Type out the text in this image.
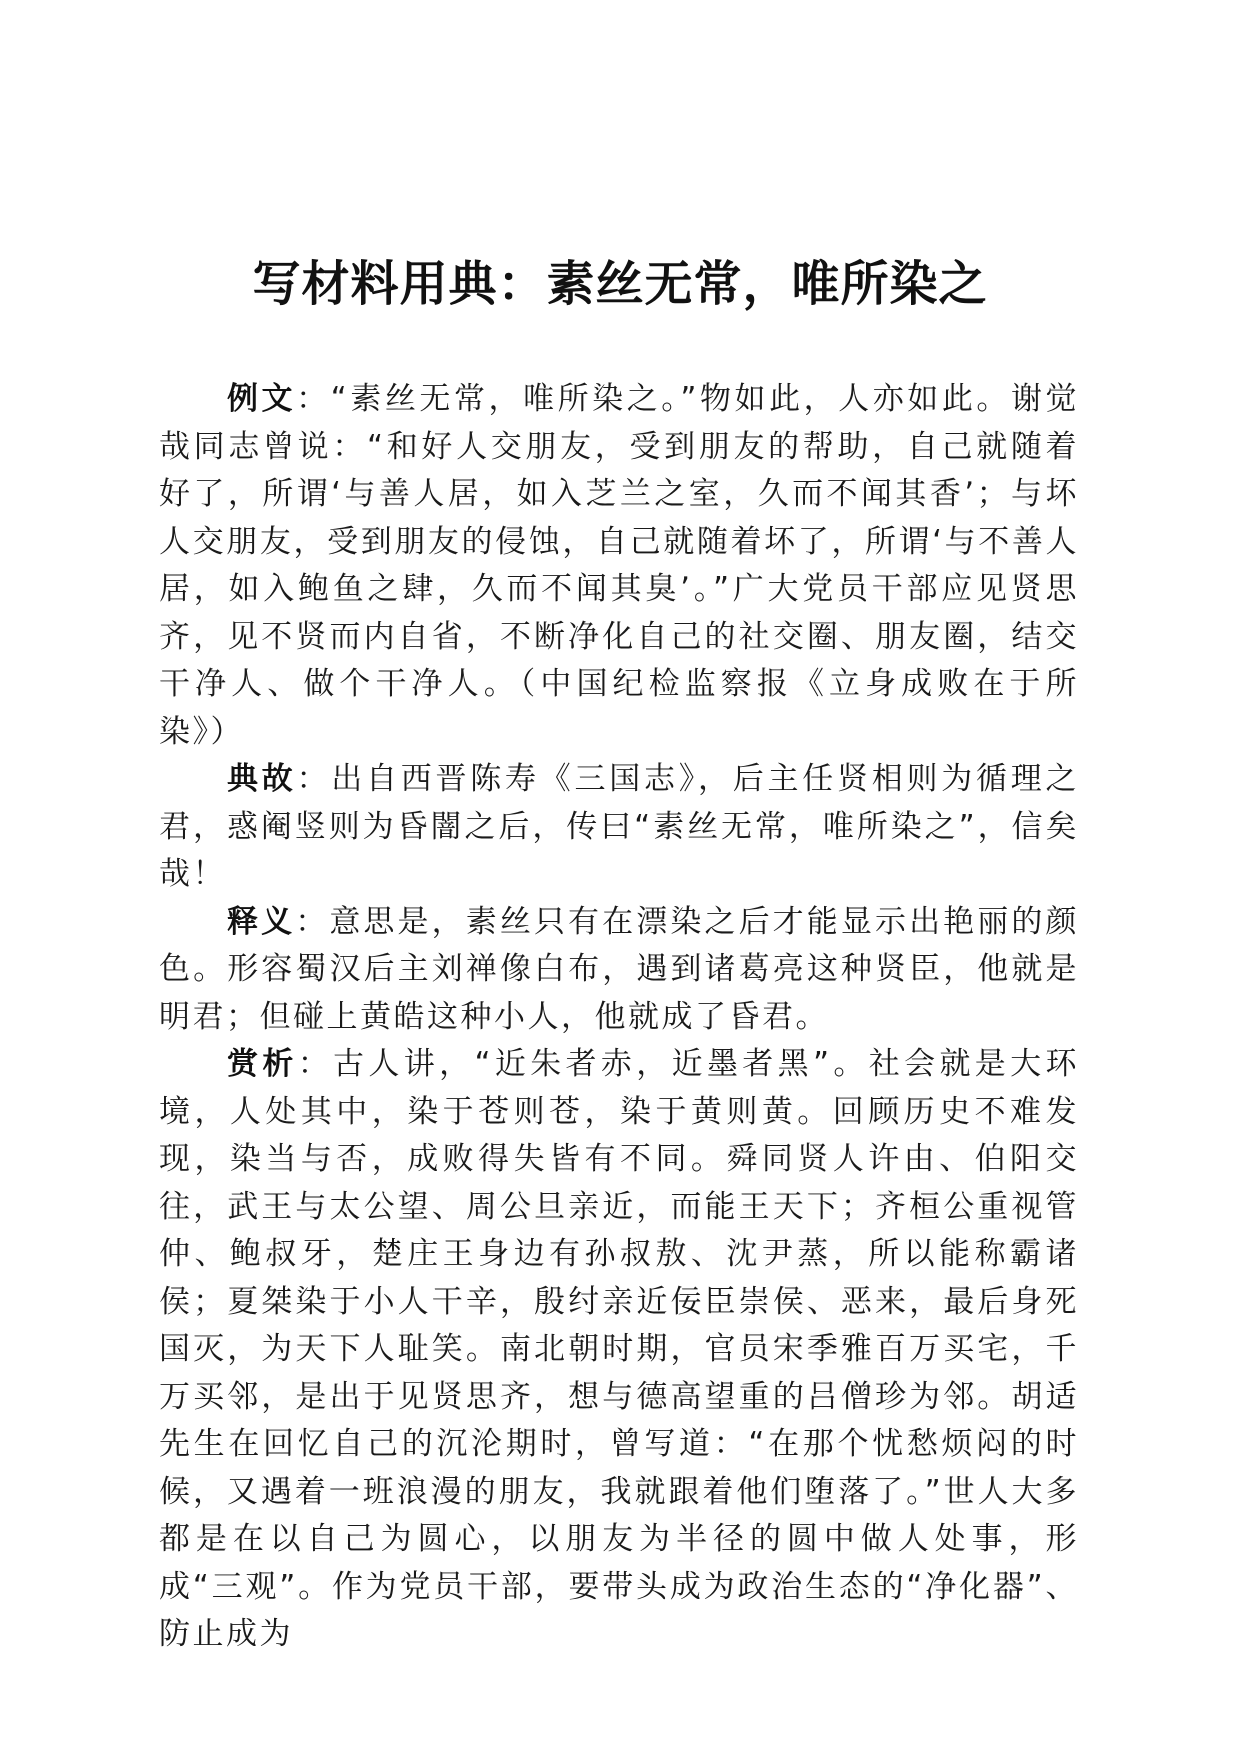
写材料用典：素丝无常，唯所染之

例文：“素丝无常，唯所染之。”物如此，人亦如此。谢觉哉同志曾说：“和好人交朋友，受到朋友的帮助，自己就随着好了，所谓‘与善人居，如入芝兰之室，久而不闻其香’；与坏人交朋友，受到朋友的侵蚀，自己就随着坏了，所谓‘与不善人居，如入鲍鱼之肆，久而不闻其臭’。”广大党员干部应见贤思齐，见不贤而内自省，不断净化自己的社交圈、朋友圈，结交干净人、做个干净人。（中国纪检监察报《立身成败在于所染》）

典故：出自西晋陈寿《三国志》，后主任贤相则为循理之君，惑阉竖则为昏闇之后，传曰“素丝无常，唯所染之”，信矣哉！

释义：意思是，素丝只有在漂染之后才能显示出艳丽的颜色。形容蜀汉后主刘禅像白布，遇到诸葛亮这种贤臣，他就是明君；但碰上黄皓这种小人，他就成了昏君。

赏析：古人讲，“近朱者赤，近墨者黑”。社会就是大环境，人处其中，染于苍则苍，染于黄则黄。回顾历史不难发现，染当与否，成败得失皆有不同。舜同贤人许由、伯阳交往，武王与太公望、周公旦亲近，而能王天下；齐桓公重视管仲、鲍叔牙，楚庄王身边有孙叔敖、沈尹蒸，所以能称霸诸侯；夏桀染于小人干辛，殷纣亲近佞臣崇侯、恶来，最后身死国灭，为天下人耻笑。南北朝时期，官员宋季雅百万买宅，千万买邻，是出于见贤思齐，想与德高望重的吕僧珍为邻。胡适先生在回忆自己的沉沦期时，曾写道：“在那个忧愁烦闷的时候，又遇着一班浪漫的朋友，我就跟着他们堕落了。”世人大多都是在以自己为圆心，以朋友为半径的圆中做人处事，形成“三观”。作为党员干部，要带头成为政治生态的“净化器”、防止成为
